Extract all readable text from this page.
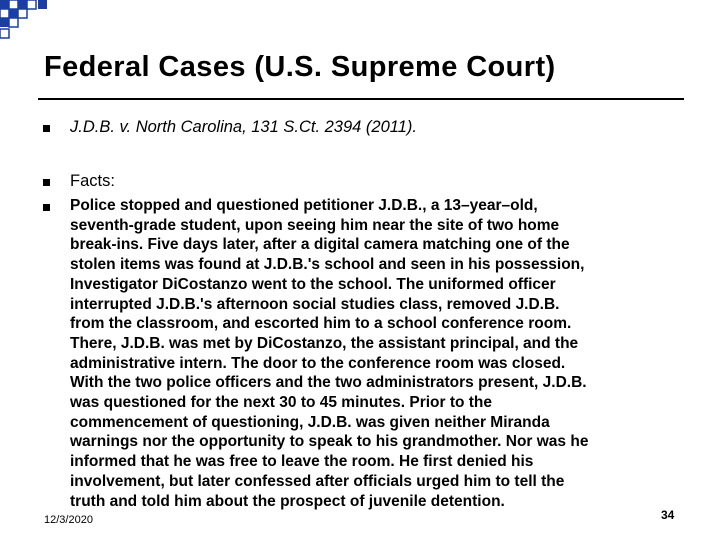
Federal Cases (U.S. Supreme Court)
J.D.B. v. North Carolina, 131 S.Ct. 2394 (2011).
Facts:
Police stopped and questioned petitioner J.D.B., a 13–year–old,
seventh-grade student, upon seeing him near the site of two home
break-ins. Five days later, after a digital camera matching one of the
stolen items was found at J.D.B.'s school and seen in his possession,
Investigator DiCostanzo went to the school. The uniformed officer
interrupted J.D.B.'s afternoon social studies class, removed J.D.B.
from the classroom, and escorted him to a school conference room.
There, J.D.B. was met by DiCostanzo, the assistant principal, and the
administrative intern. The door to the conference room was closed.
With the two police officers and the two administrators present, J.D.B.
was questioned for the next 30 to 45 minutes. Prior to the
commencement of questioning, J.D.B. was given neither Miranda
warnings nor the opportunity to speak to his grandmother. Nor was he
informed that he was free to leave the room. He first denied his
involvement, but later confessed after officials urged him to tell the
truth and told him about the prospect of juvenile detention.
12/3/2020	34
